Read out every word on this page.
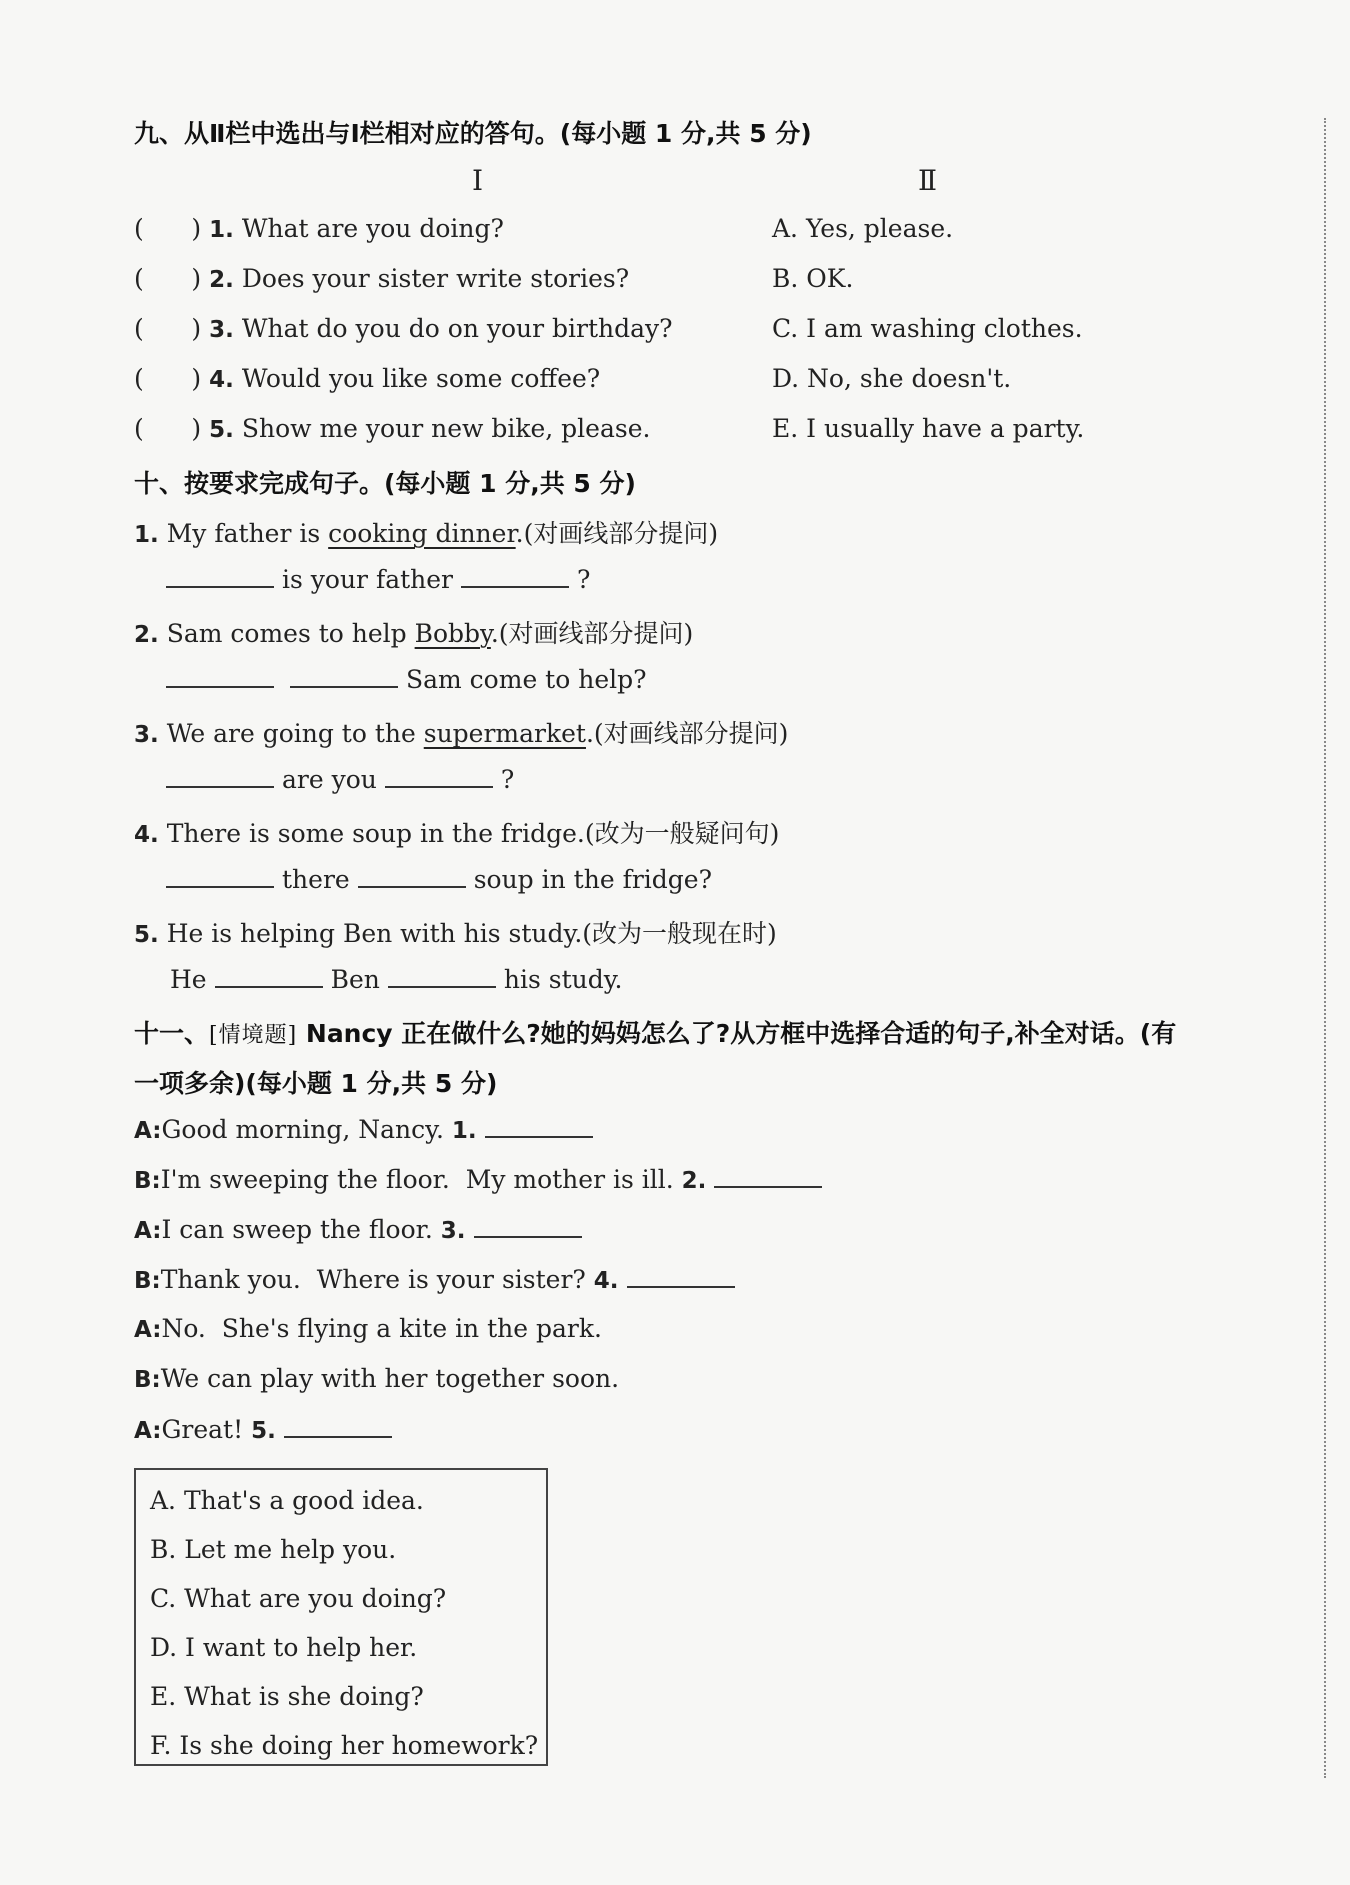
九、从Ⅱ栏中选出与Ⅰ栏相对应的答句。(每小题 1 分,共 5 分)
Ⅰ	Ⅱ
(      ) 1. What are you doing?	A. Yes, please.
(      ) 2. Does your sister write stories?	B. OK.
(      ) 3. What do you do on your birthday?	C. I am washing clothes.
(      ) 4. Would you like some coffee?	D. No, she doesn't.
(      ) 5. Show me your new bike, please.	E. I usually have a party.
十、按要求完成句子。(每小题 1 分,共 5 分)
1. My father is cooking dinner.(对画线部分提问)
is your father	?
2. Sam comes to help Bobby.(对画线部分提问)
Sam come to help?
3. We are going to the supermarket.(对画线部分提问)
are you	?
4. There is some soup in the fridge.(改为一般疑问句)
there	soup in the fridge?
5. He is helping Ben with his study.(改为一般现在时)
He	Ben	his study.
十一、[情境题] Nancy 正在做什么?她的妈妈怎么了?从方框中选择合适的句子,补全对话。(有
一项多余)(每小题 1 分,共 5 分)
A:Good morning, Nancy. 1.
B:I'm sweeping the floor.  My mother is ill. 2.
A:I can sweep the floor. 3.
B:Thank you.  Where is your sister? 4.
A:No.  She's flying a kite in the park.
B:We can play with her together soon.
A:Great! 5.
A. That's a good idea.
B. Let me help you.
C. What are you doing?
D. I want to help her.
E. What is she doing?
F. Is she doing her homework?
